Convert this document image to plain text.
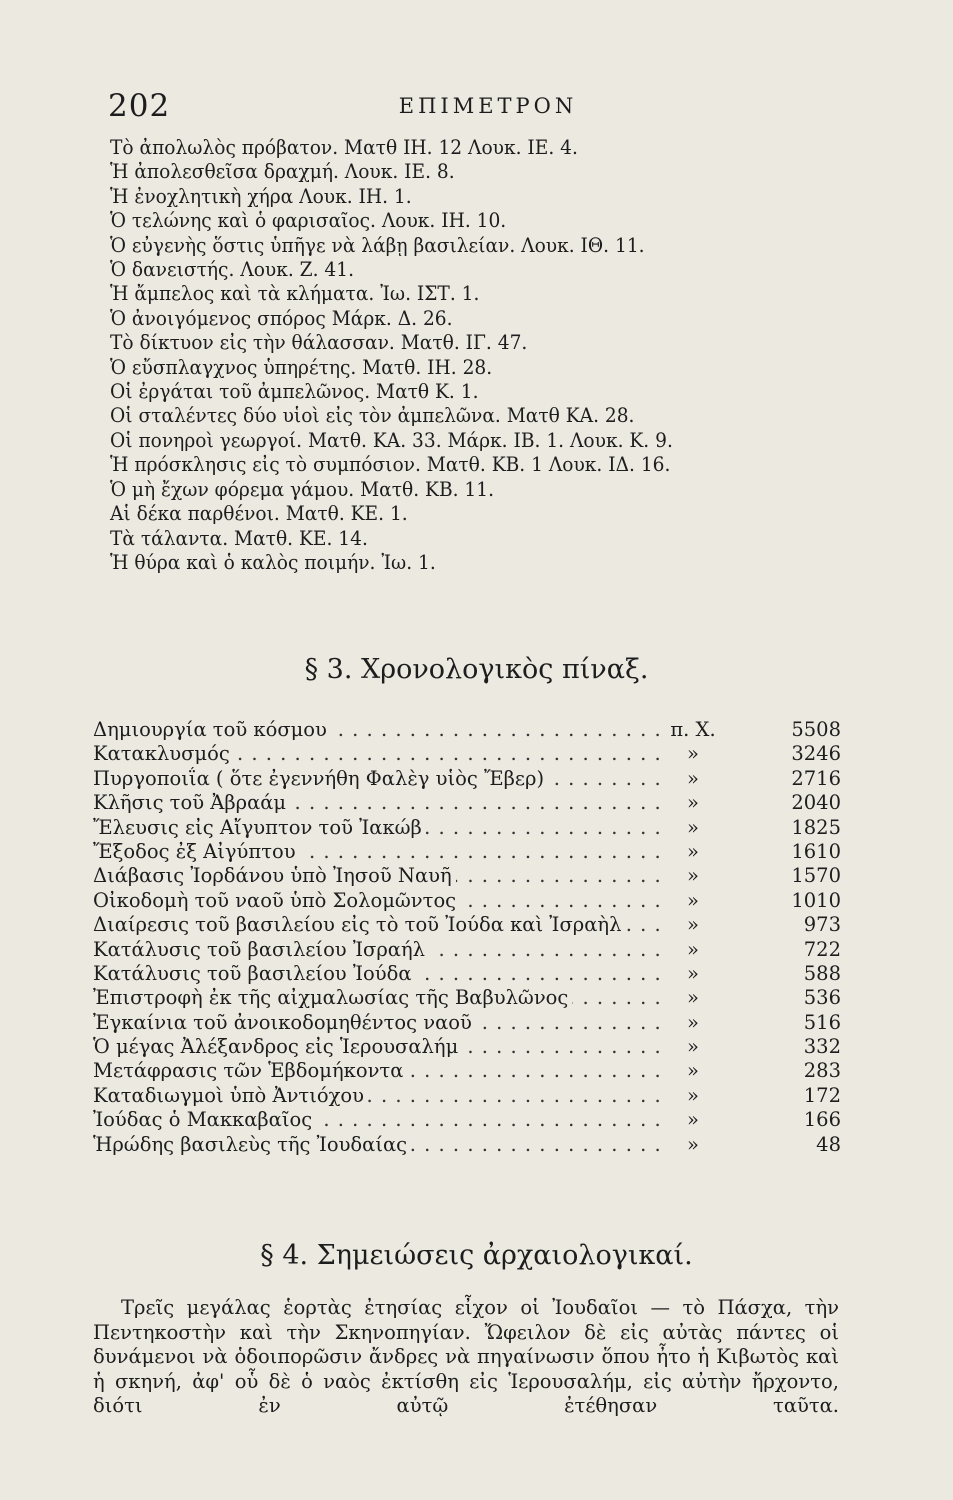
202	ΕΠΙΜΕΤΡΟΝ
Τὸ ἀπολωλὸς πρόβατον. Ματθ ΙΗ. 12 Λουκ. ΙΕ. 4.
Ἡ ἀπολεσθεῖσα δραχμή. Λουκ. ΙΕ. 8.
Ἡ ἐνοχλητικὴ χήρα Λουκ. ΙΗ. 1.
Ὁ τελώνης καὶ ὁ φαρισαῖος. Λουκ. ΙΗ. 10.
Ὁ εὐγενὴς ὅστις ὑπῆγε νὰ λάβῃ βασιλείαν. Λουκ. ΙΘ. 11.
Ὁ δανειστής. Λουκ. Ζ. 41.
Ἡ ἄμπελος καὶ τὰ κλήματα. Ἰω. ΙΣΤ. 1.
Ὁ ἀνοιγόμενος σπόρος Μάρκ. Δ. 26.
Τὸ δίκτυον εἰς τὴν θάλασσαν. Ματθ. ΙΓ. 47.
Ὁ εὔσπλαγχνος ὑπηρέτης. Ματθ. ΙΗ. 28.
Οἱ ἐργάται τοῦ ἀμπελῶνος. Ματθ Κ. 1.
Οἱ σταλέντες δύο υἱοὶ εἰς τὸν ἀμπελῶνα. Ματθ ΚΑ. 28.
Οἱ πονηροὶ γεωργοί. Ματθ. ΚΑ. 33. Μάρκ. ΙΒ. 1. Λουκ. Κ. 9.
Ἡ πρόσκλησις εἰς τὸ συμπόσιον. Ματθ. ΚΒ. 1 Λουκ. ΙΔ. 16.
Ὁ μὴ ἔχων φόρεμα γάμου. Ματθ. ΚΒ. 11.
Αἱ δέκα παρθένοι. Ματθ. ΚΕ. 1.
Τὰ τάλαντα. Ματθ. ΚΕ. 14.
Ἡ θύρα καὶ ὁ καλὸς ποιμήν. Ἰω. 1.
§ 3. Χρονολογικὸς πίναξ.
Δημιουργία τοῦ κόσμου . . .	π. Χ.	5508
Κατακλυσμός . . .	»	3246
Πυργοποιΐα ( ὅτε ἐγεννήθη Φαλὲγ υἱὸς Ἔβερ) . . .	»	2716
Κλῆσις τοῦ Ἀβραάμ . . .	»	2040
Ἔλευσις εἰς Αἴγυπτον τοῦ Ἰακώβ . . .	»	1825
Ἔξοδος ἐξ Αἰγύπτου . . .	»	1610
Διάβασις Ἰορδάνου ὑπὸ Ἰησοῦ Ναυῆ . . .	»	1570
Οἰκοδομὴ τοῦ ναοῦ ὑπὸ Σολομῶντος . . .	»	1010
Διαίρεσις τοῦ βασιλείου εἰς τὸ τοῦ Ἰούδα καὶ Ἰσραὴλ . . .	»	973
Κατάλυσις τοῦ βασιλείου Ἰσραήλ . . .	»	722
Κατάλυσις τοῦ βασιλείου Ἰούδα . . .	»	588
Ἐπιστροφὴ ἐκ τῆς αἰχμαλωσίας τῆς Βαβυλῶνος . . .	»	536
Ἐγκαίνια τοῦ ἀνοικοδομηθέντος ναοῦ . . .	»	516
Ὁ μέγας Ἀλέξανδρος εἰς Ἱερουσαλήμ . . .	»	332
Μετάφρασις τῶν Ἑβδομήκοντα . . .	»	283
Καταδιωγμοὶ ὑπὸ Ἀντιόχου . . .	»	172
Ἰούδας ὁ Μακκαβαῖος . . .	»	166
Ἡρώδης βασιλεὺς τῆς Ἰουδαίας . . .	»	48
§ 4. Σημειώσεις ἀρχαιολογικαί.

Τρεῖς μεγάλας ἑορτὰς ἐτησίας εἶχον οἱ Ἰουδαῖοι — τὸ Πάσχα, τὴν Πεντηκοστὴν καὶ τὴν Σκηνοπηγίαν. Ὤφειλον δὲ εἰς αὐτὰς πάντες οἱ δυνάμενοι νὰ ὁδοιπορῶσιν ἄνδρες νὰ πηγαίνωσιν ὅπου ἦτο ἡ Κιβωτὸς καὶ ἡ σκηνή, ἀφ' οὗ δὲ ὁ ναὸς ἐκτίσθη εἰς Ἱερουσαλήμ, εἰς αὐτὴν ἤρχοντο, διότι ἐν αὐτῷ ἐτέθησαν ταῦτα.
